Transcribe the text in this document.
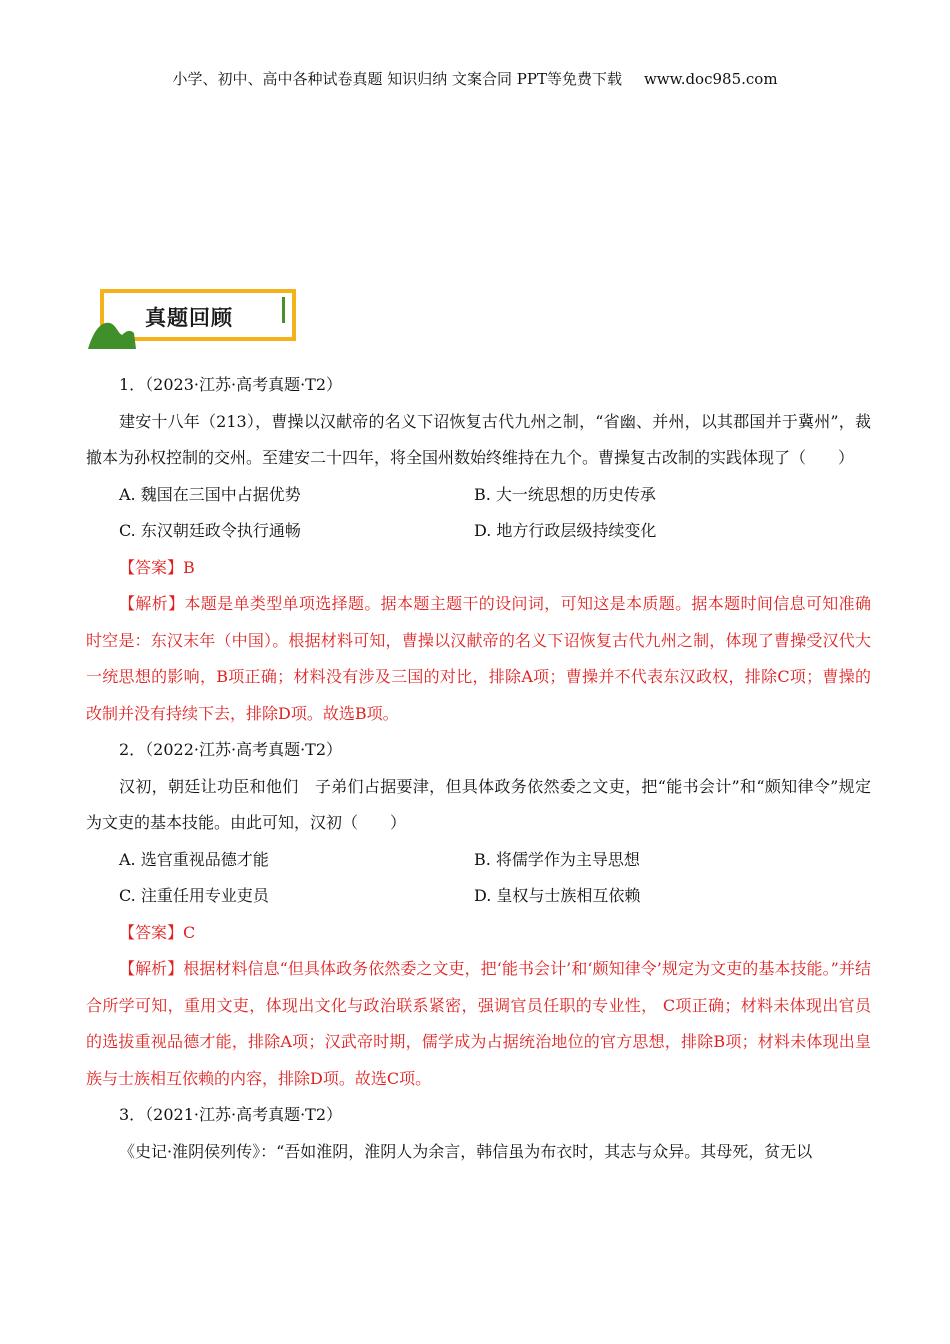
小学、初中、高中各种试卷真题 知识归纳 文案合同 PPT等免费下载 www.doc985.com
真题回顾

1．（2023·江苏·高考真题·T2）

建安十八年（213），曹操以汉献帝的名义下诏恢复古代九州之制，“省幽、并州，以其郡国并于冀州”，裁撤本为孙权控制的交州。至建安二十四年，将全国州数始终维持在九个。曹操复古改制的实践体现了（　　）

A. 魏国在三国中占据优势	B. 大一统思想的历史传承
C. 东汉朝廷政令执行通畅	D. 地方行政层级持续变化

【答案】B

【解析】本题是单类型单项选择题。据本题主题干的设问词，可知这是本质题。据本题时间信息可知准确时空是：东汉末年（中国）。根据材料可知，曹操以汉献帝的名义下诏恢复古代九州之制，体现了曹操受汉代大一统思想的影响，B项正确；材料没有涉及三国的对比，排除A项；曹操并不代表东汉政权，排除C项；曹操的改制并没有持续下去，排除D项。故选B项。

2．（2022·江苏·高考真题·T2）

汉初，朝廷让功臣和他们　子弟们占据要津，但具体政务依然委之文吏，把“能书会计”和“颇知律令”规定为文吏的基本技能。由此可知，汉初（　　）

A. 选官重视品德才能	B. 将儒学作为主导思想
C. 注重任用专业吏员	D. 皇权与士族相互依赖

【答案】C

【解析】根据材料信息“但具体政务依然委之文吏，把‘能书会计’和‘颇知律令’规定为文吏的基本技能。”并结合所学可知，重用文吏，体现出文化与政治联系紧密，强调官员任职的专业性， C项正确；材料未体现出官员的选拔重视品德才能，排除A项；汉武帝时期，儒学成为占据统治地位的官方思想，排除B项；材料未体现出皇族与士族相互依赖的内容，排除D项。故选C项。

3．（2021·江苏·高考真题·T2）

《史记·淮阴侯列传》：“吾如淮阴，淮阴人为余言，韩信虽为布衣时，其志与众异。其母死，贫无以
